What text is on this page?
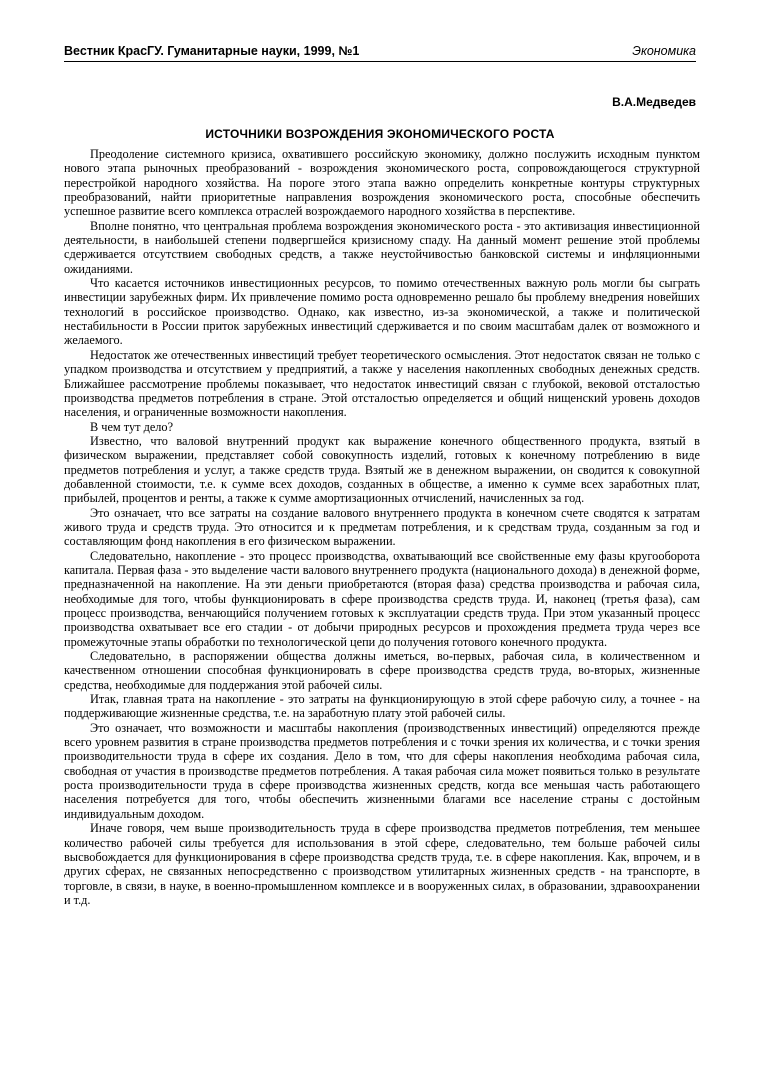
Вестник КрасГУ. Гуманитарные науки, 1999, №1	Экономика
В.А.Медведев
ИСТОЧНИКИ ВОЗРОЖДЕНИЯ ЭКОНОМИЧЕСКОГО РОСТА

Преодоление системного кризиса, охватившего российскую экономику, должно послужить исходным пунктом нового этапа рыночных преобразований - возрождения экономического роста, сопровождающегося структурной перестройкой народного хозяйства. На пороге этого этапа важно определить конкретные контуры структурных преобразований, найти приоритетные направления возрождения экономического роста, способные обеспечить успешное развитие всего комплекса отраслей возрождаемого народного хозяйства в перспективе.

Вполне понятно, что центральная проблема возрождения экономического роста - это активизация инвестиционной деятельности, в наибольшей степени подвергшейся кризисному спаду. На данный момент решение этой проблемы сдерживается отсутствием свободных средств, а также неустойчивостью банковской системы и инфляционными ожиданиями.

Что касается источников инвестиционных ресурсов, то помимо отечественных важную роль могли бы сыграть инвестиции зарубежных фирм. Их привлечение помимо роста одновременно решало бы проблему внедрения новейших технологий в российское производство. Однако, как известно, из-за экономической, а также и политической нестабильности в России приток зарубежных инвестиций сдерживается и по своим масштабам далек от возможного и желаемого.

Недостаток же отечественных инвестиций требует теоретического осмысления. Этот недостаток связан не только с упадком производства и отсутствием у предприятий, а также у населения накопленных свободных денежных средств. Ближайшее рассмотрение проблемы показывает, что недостаток инвестиций связан с глубокой, вековой отсталостью производства предметов потребления в стране. Этой отсталостью определяется и общий нищенский уровень доходов населения, и ограниченные возможности накопления.

В чем тут дело?

Известно, что валовой внутренний продукт как выражение конечного общественного продукта, взятый в физическом выражении, представляет собой совокупность изделий, готовых к конечному потреблению в виде предметов потребления и услуг, а также средств труда. Взятый же в денежном выражении, он сводится к совокупной добавленной стоимости, т.е. к сумме всех доходов, созданных в обществе, а именно к сумме всех заработных плат, прибылей, процентов и ренты, а также к сумме амортизационных отчислений, начисленных за год.

Это означает, что все затраты на создание валового внутреннего продукта в конечном счете сводятся к затратам живого труда и средств труда. Это относится и к предметам потребления, и к средствам труда, созданным за год и составляющим фонд накопления в его физическом выражении.

Следовательно, накопление - это процесс производства, охватывающий все свойственные ему фазы кругооборота капитала. Первая фаза - это выделение части валового внутреннего продукта (национального дохода) в денежной форме, предназначенной на накопление. На эти деньги приобретаются (вторая фаза) средства производства и рабочая сила, необходимые для того, чтобы функционировать в сфере производства средств труда. И, наконец (третья фаза), сам процесс производства, венчающийся получением готовых к эксплуатации средств труда. При этом указанный процесс производства охватывает все его стадии - от добычи природных ресурсов и прохождения предмета труда через все промежуточные этапы обработки по технологической цепи до получения готового конечного продукта.

Следовательно, в распоряжении общества должны иметься, во-первых, рабочая сила, в количественном и качественном отношении способная функционировать в сфере производства средств труда, во-вторых, жизненные средства, необходимые для поддержания этой рабочей силы.

Итак, главная трата на накопление - это затраты на функционирующую в этой сфере рабочую силу, а точнее - на поддерживающие жизненные средства, т.е. на заработную плату этой рабочей силы.

Это означает, что возможности и масштабы накопления (производственных инвестиций) определяются прежде всего уровнем развития в стране производства предметов потребления и с точки зрения их количества, и с точки зрения производительности труда в сфере их создания. Дело в том, что для сферы накопления необходима рабочая сила, свободная от участия в производстве предметов потребления. А такая рабочая сила может появиться только в результате роста производительности труда в сфере производства жизненных средств, когда все меньшая часть работающего населения потребуется для того, чтобы обеспечить жизненными благами все население страны с достойным индивидуальным доходом.

Иначе говоря, чем выше производительность труда в сфере производства предметов потребления, тем меньшее количество рабочей силы требуется для использования в этой сфере, следовательно, тем больше рабочей силы высвобождается для функционирования в сфере производства средств труда, т.е. в сфере накопления. Как, впрочем, и в других сферах, не связанных непосредственно с производством утилитарных жизненных средств - на транспорте, в торговле, в связи, в науке, в военно-промышленном комплексе и в вооруженных силах, в образовании, здравоохранении и т.д.
